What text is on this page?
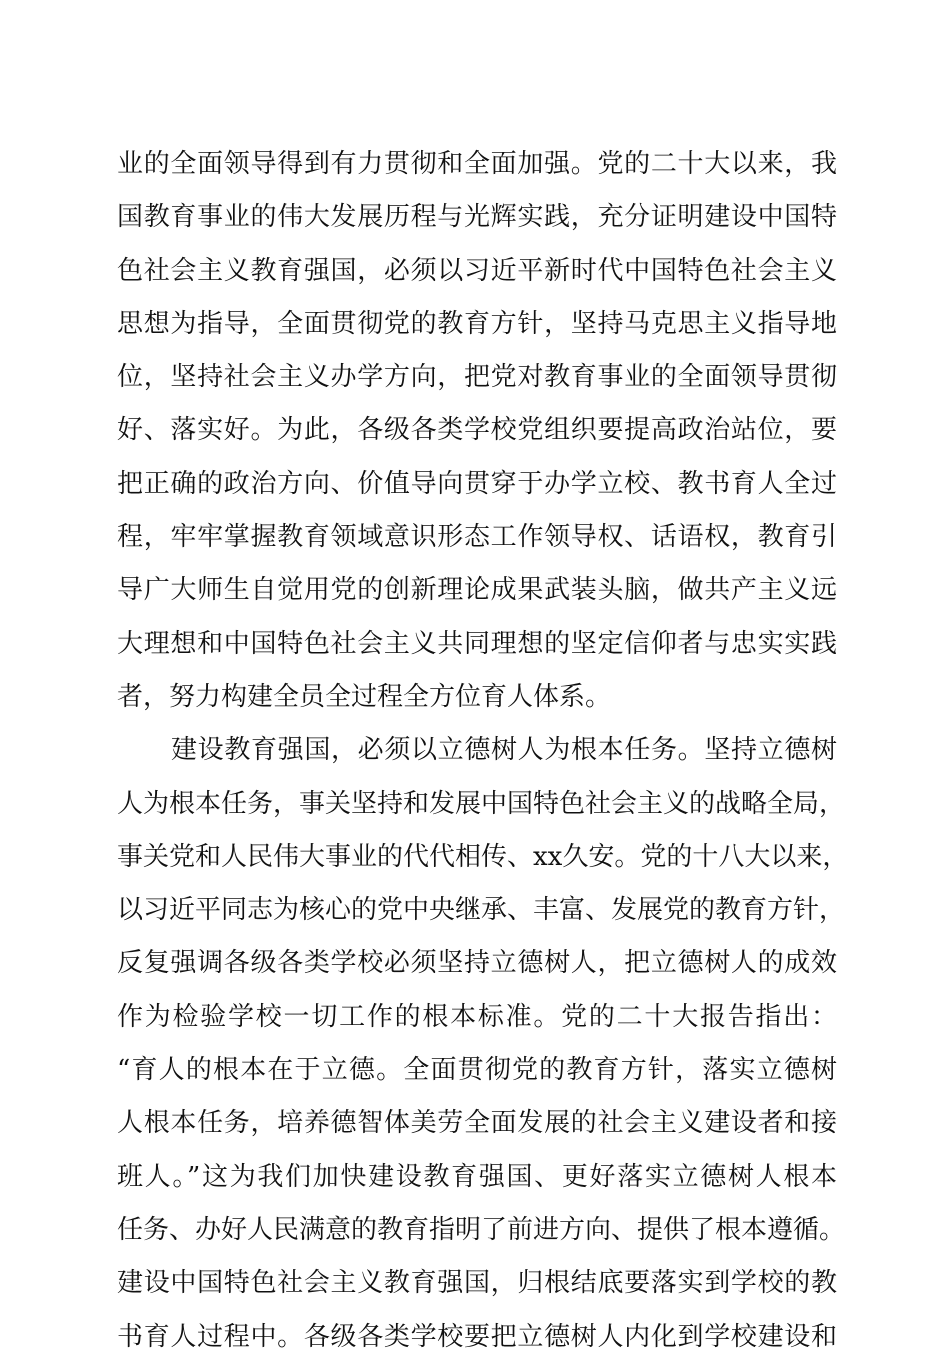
业的全面领导得到有力贯彻和全面加强。党的二十大以来，我
国教育事业的伟大发展历程与光辉实践，充分证明建设中国特
色社会主义教育强国，必须以习近平新时代中国特色社会主义
思想为指导，全面贯彻党的教育方针，坚持马克思主义指导地
位，坚持社会主义办学方向，把党对教育事业的全面领导贯彻
好、落实好。为此，各级各类学校党组织要提高政治站位，要
把正确的政治方向、价值导向贯穿于办学立校、教书育人全过
程，牢牢掌握教育领域意识形态工作领导权、话语权，教育引
导广大师生自觉用党的创新理论成果武装头脑，做共产主义远
大理想和中国特色社会主义共同理想的坚定信仰者与忠实实践
者，努力构建全员全过程全方位育人体系。
建设教育强国，必须以立德树人为根本任务。坚持立德树
人为根本任务，事关坚持和发展中国特色社会主义的战略全局，
事关党和人民伟大事业的代代相传、xx久安。党的十八大以来，
以习近平同志为核心的党中央继承、丰富、发展党的教育方针，
反复强调各级各类学校必须坚持立德树人，把立德树人的成效
作为检验学校一切工作的根本标准。党的二十大报告指出：
“育人的根本在于立德。全面贯彻党的教育方针，落实立德树
人根本任务，培养德智体美劳全面发展的社会主义建设者和接
班人。”这为我们加快建设教育强国、更好落实立德树人根本
任务、办好人民满意的教育指明了前进方向、提供了根本遵循。
建设中国特色社会主义教育强国，归根结底要落实到学校的教
书育人过程中。各级各类学校要把立德树人内化到学校建设和
